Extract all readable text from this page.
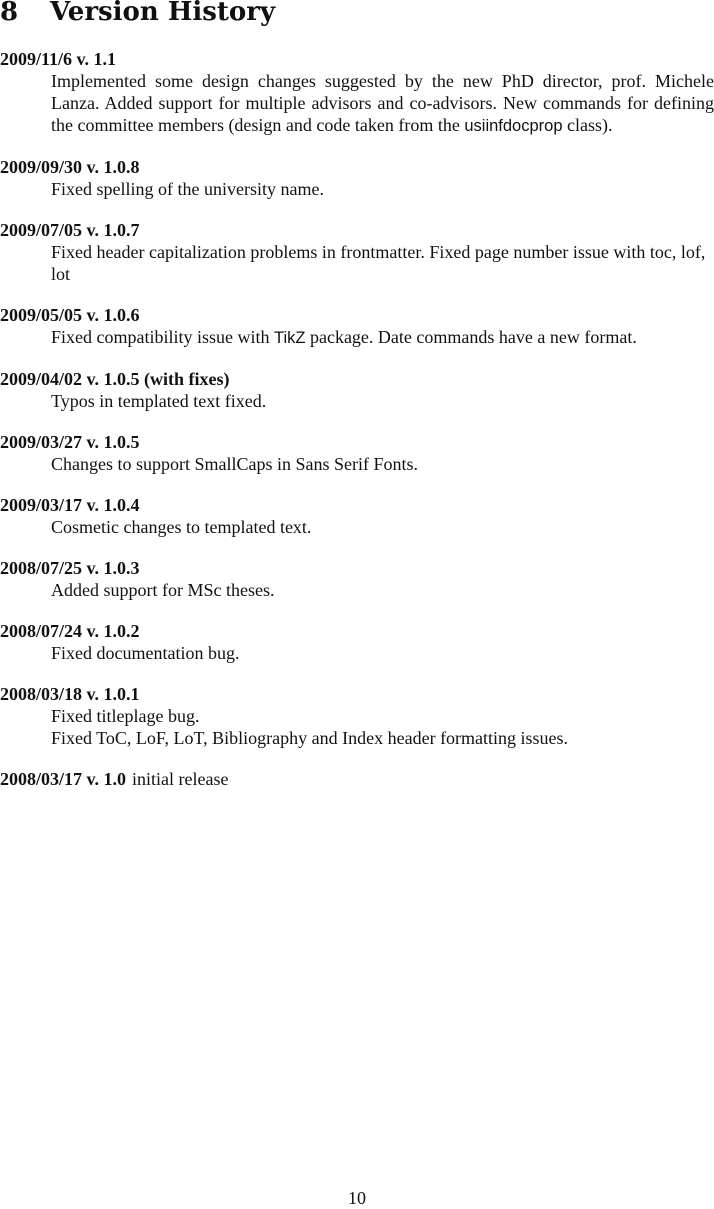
8 Version History
2009/11/6 v. 1.1
Implemented some design changes suggested by the new PhD director, prof. Michele Lanza. Added support for multiple advisors and co-advisors. New commands for defining the committee members (design and code taken from the usiinfdocprop class).
2009/09/30 v. 1.0.8
Fixed spelling of the university name.
2009/07/05 v. 1.0.7
Fixed header capitalization problems in frontmatter. Fixed page number issue with toc, lof, lot
2009/05/05 v. 1.0.6
Fixed compatibility issue with TikZ package. Date commands have a new format.
2009/04/02 v. 1.0.5 (with fixes)
Typos in templated text fixed.
2009/03/27 v. 1.0.5
Changes to support SmallCaps in Sans Serif Fonts.
2009/03/17 v. 1.0.4
Cosmetic changes to templated text.
2008/07/25 v. 1.0.3
Added support for MSc theses.
2008/07/24 v. 1.0.2
Fixed documentation bug.
2008/03/18 v. 1.0.1
Fixed titleplage bug.
Fixed ToC, LoF, LoT, Bibliography and Index header formatting issues.
2008/03/17 v. 1.0 initial release
10
